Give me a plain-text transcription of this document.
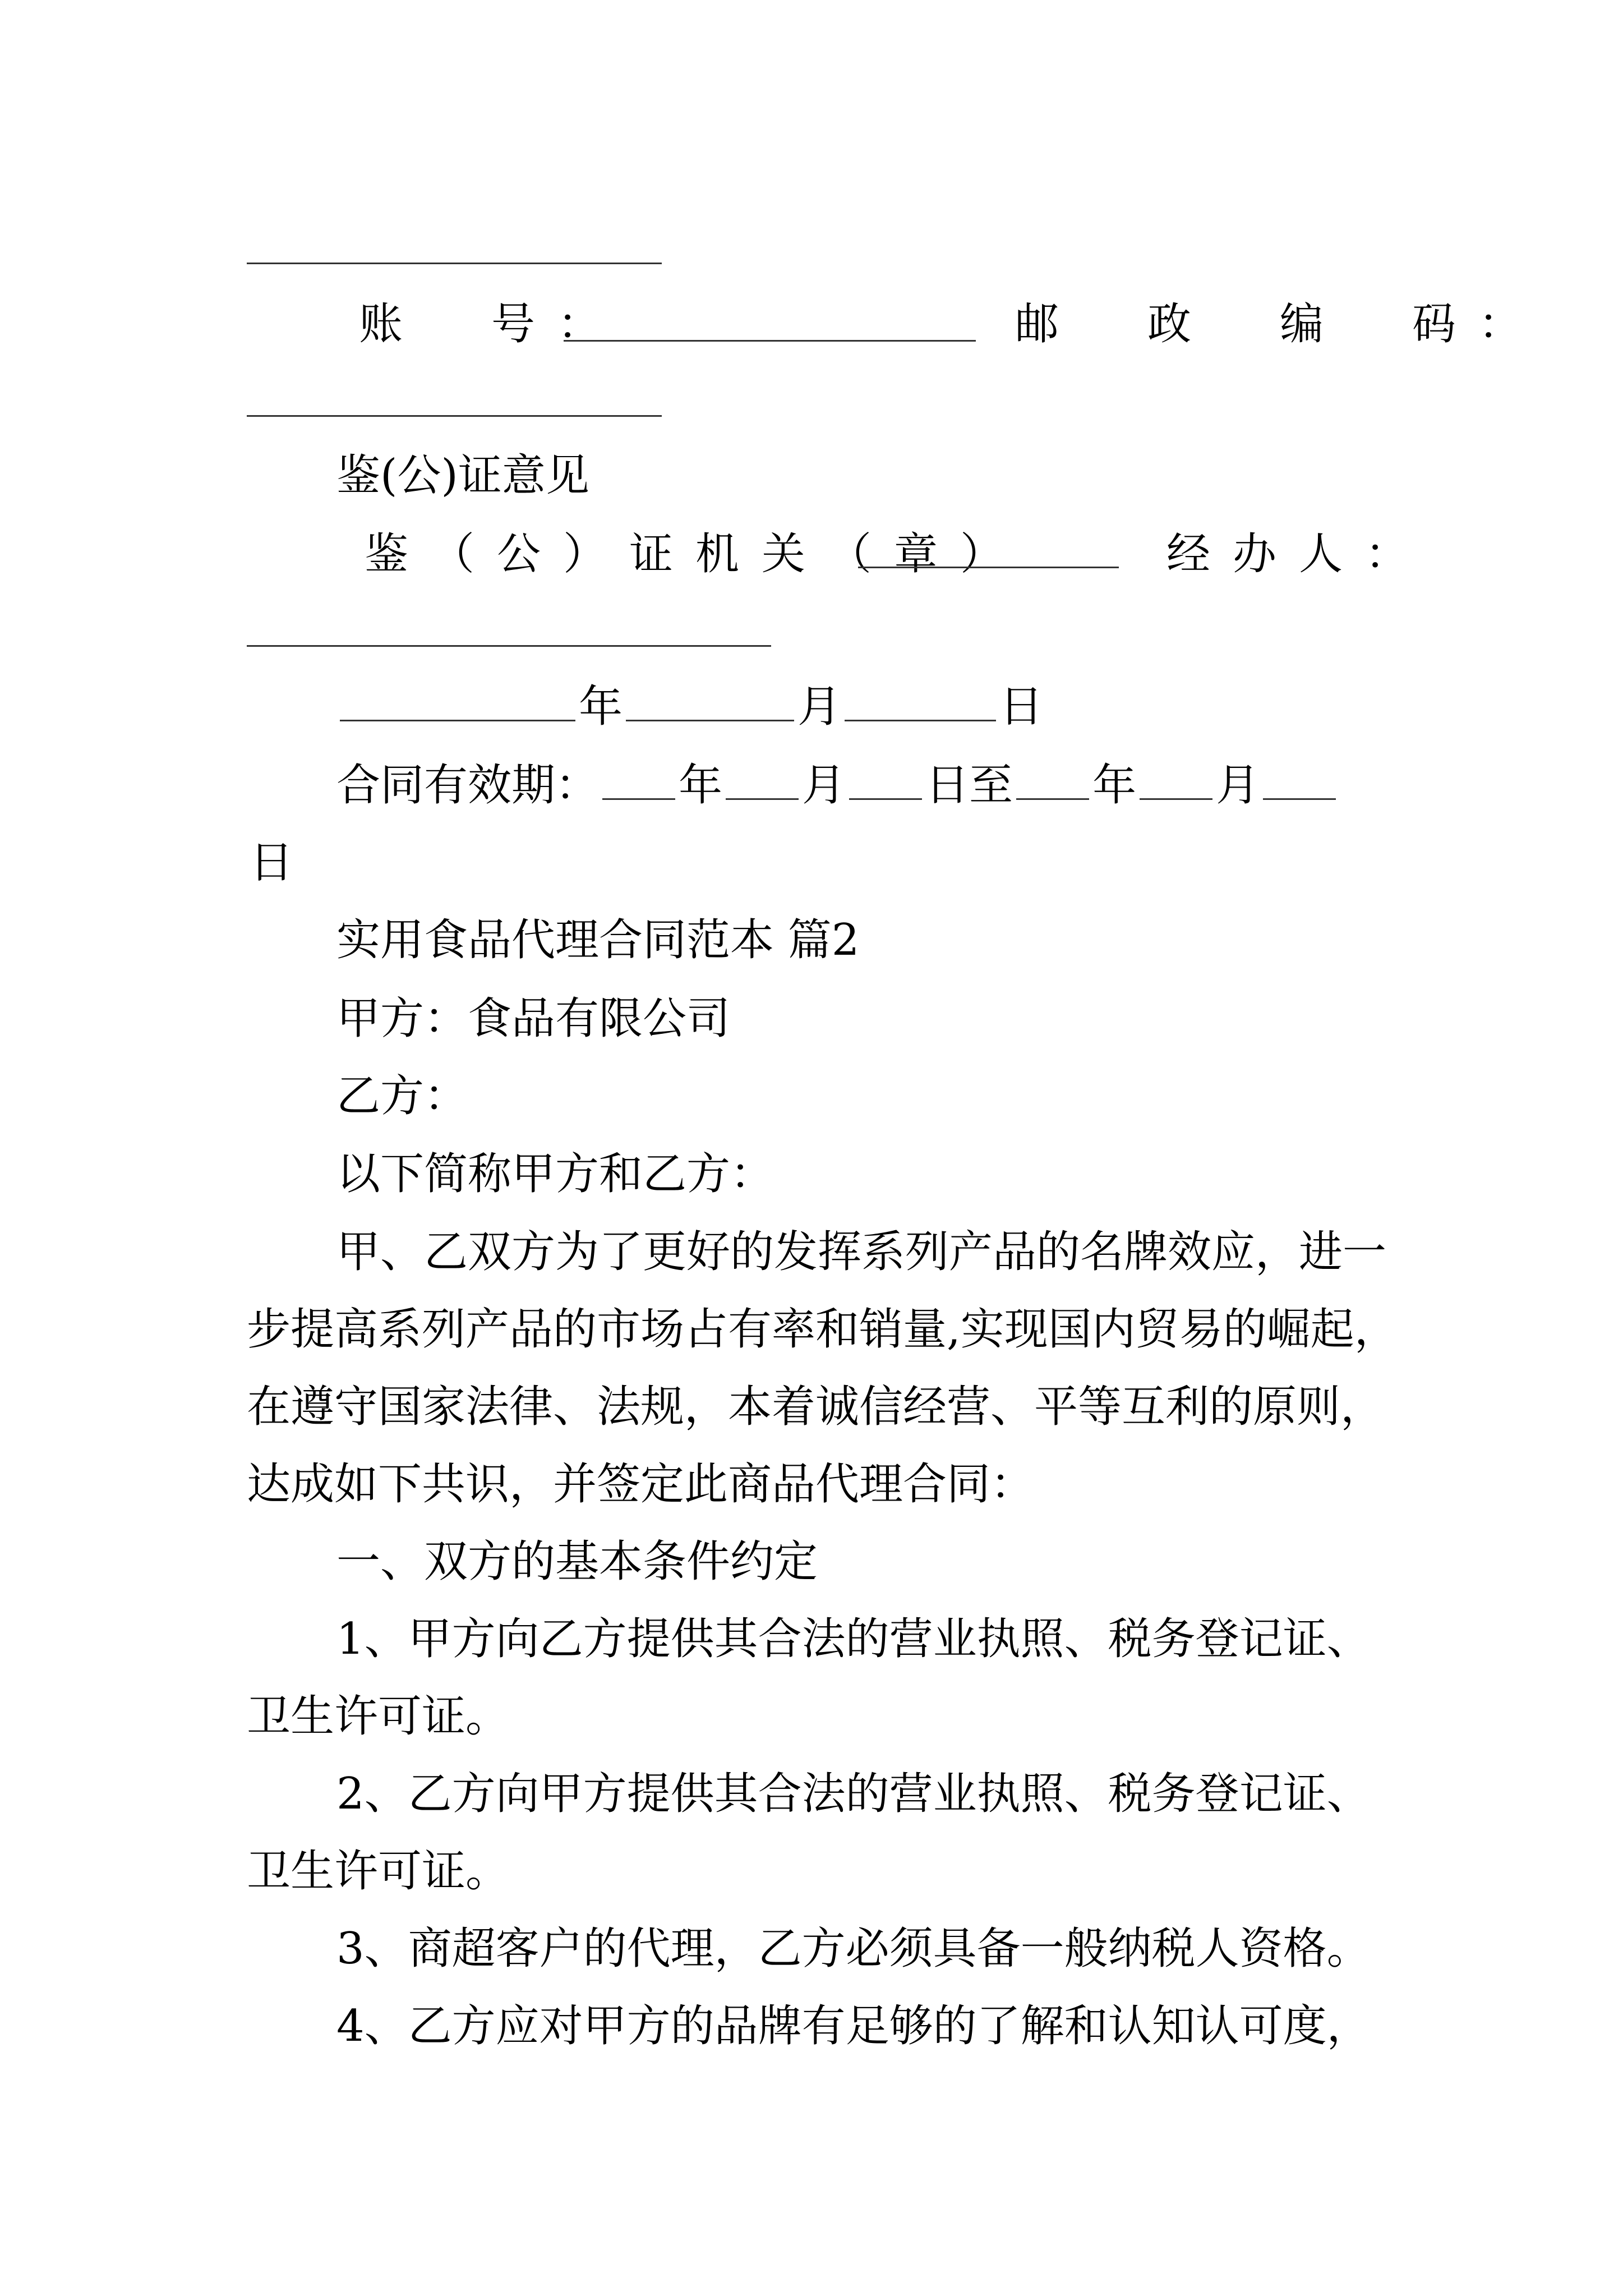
账　号：	邮　政　编　码：
鉴(公)证意见
鉴（公）证机关（章）	经办人：
年	月	日
合同有效期： 年 月 日至 年 月
日
实用食品代理合同范本 篇2
甲方：食品有限公司
乙方：
以下简称甲方和乙方：
甲、乙双方为了更好的发挥系列产品的名牌效应，进一
步提高系列产品的市场占有率和销量,实现国内贸易的崛起，
在遵守国家法律、法规，本着诚信经营、平等互利的原则，
达成如下共识，并签定此商品代理合同：
一、双方的基本条件约定
1、甲方向乙方提供其合法的营业执照、税务登记证、
卫生许可证。
2、乙方向甲方提供其合法的营业执照、税务登记证、
卫生许可证。
3、商超客户的代理，乙方必须具备一般纳税人资格。
4、乙方应对甲方的品牌有足够的了解和认知认可度，
